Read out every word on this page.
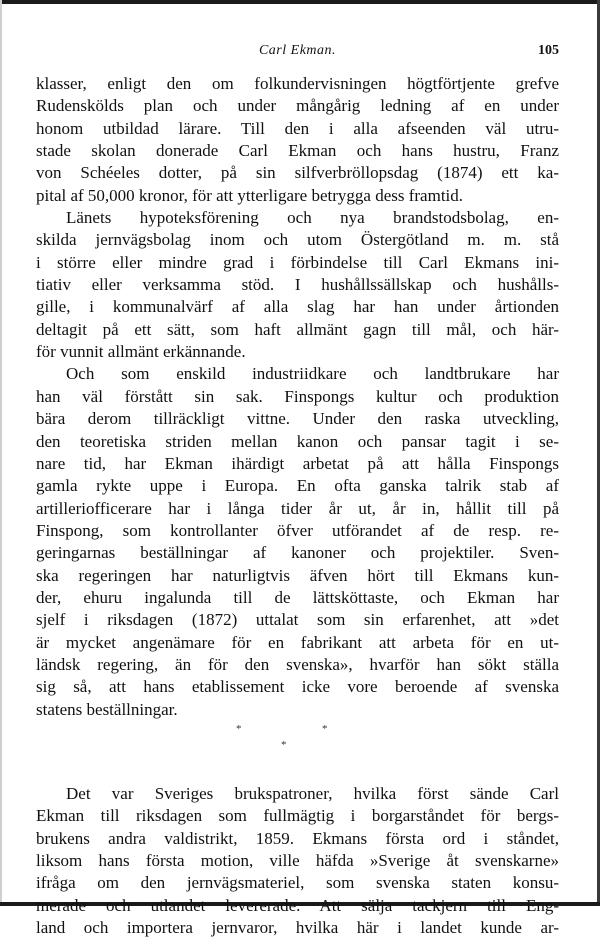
Carl Ekman.	105
klasser, enligt den om folkundervisningen högtförtjente grefve
Rudenskölds plan och under mångårig ledning af en under
honom utbildad lärare. Till den i alla afseenden väl utru-
stade skolan donerade Carl Ekman och hans hustru, Franz
von Schéeles dotter, på sin silfverbröllopsdag (1874) ett ka-
pital af 50,000 kronor, för att ytterligare betrygga dess framtid.
Länets hypoteksförening och nya brandstodsbolag, en-
skilda jernvägsbolag inom och utom Östergötland m. m. stå
i större eller mindre grad i förbindelse till Carl Ekmans ini-
tiativ eller verksamma stöd. I hushållssällskap och hushålls-
gille, i kommunalvärf af alla slag har han under årtionden
deltagit på ett sätt, som haft allmänt gagn till mål, och här-
för vunnit allmänt erkännande.
Och som enskild industriidkare och landtbrukare har
han väl förstått sin sak. Finspongs kultur och produktion
bära derom tillräckligt vittne. Under den raska utveckling,
den teoretiska striden mellan kanon och pansar tagit i se-
nare tid, har Ekman ihärdigt arbetat på att hålla Finspongs
gamla rykte uppe i Europa. En ofta ganska talrik stab af
artilleriofficerare har i långa tider år ut, år in, hållit till på
Finspong, som kontrollanter öfver utförandet af de resp. re-
geringarnas beställningar af kanoner och projektiler. Sven-
ska regeringen har naturligtvis äfven hört till Ekmans kun-
der, ehuru ingalunda till de lättsköttaste, och Ekman har
sjelf i riksdagen (1872) uttalat som sin erfarenhet, att »det
är mycket angenämare för en fabrikant att arbeta för en ut-
ländsk regering, än för den svenska», hvarför han sökt ställa
sig så, att hans etablissement icke vore beroende af svenska
statens beställningar.
*	*
*
Det var Sveriges brukspatroner, hvilka först sände Carl
Ekman till riksdagen som fullmägtig i borgarståndet för bergs-
brukens andra valdistrikt, 1859. Ekmans första ord i ståndet,
liksom hans första motion, ville häfda »Sverige åt svenskarne»
ifråga om den jernvägsmateriel, som svenska staten konsu-
merade och utlandet levererade. Att sälja tackjern till Eng-
land och importera jernvaror, hvilka här i landet kunde ar-
